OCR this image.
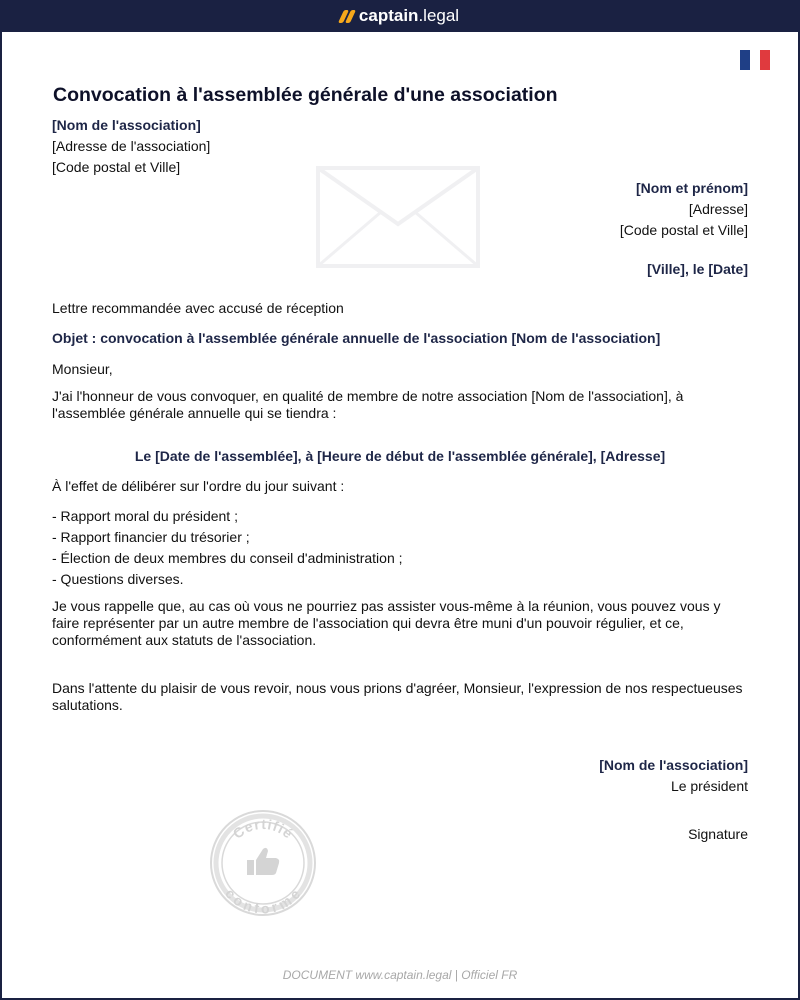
captain .legal
Convocation à l'assemblée générale d'une association
[Nom de l'association]
[Adresse de l'association]
[Code postal et Ville]
[Nom et prénom]
[Adresse]
[Code postal et Ville]
[Ville], le [Date]
Lettre recommandée avec accusé de réception
Objet : convocation à l'assemblée générale annuelle de l'association [Nom de l'association]
Monsieur,

J'ai l'honneur de vous convoquer, en qualité de membre de notre association [Nom de l'association], à l'assemblée générale annuelle qui se tiendra :

Le [Date de l'assemblée], à [Heure de début de l'assemblée générale], [Adresse]
À l'effet de délibérer sur l'ordre du jour suivant :
- Rapport moral du président ;
- Rapport financier du trésorier ;
- Élection de deux membres du conseil d'administration ;
- Questions diverses.

Je vous rappelle que, au cas où vous ne pourriez pas assister vous-même à la réunion, vous pouvez vous y faire représenter par un autre membre de l'association qui devra être muni d'un pouvoir régulier, et ce, conformément aux statuts de l'association.

Dans l'attente du plaisir de vous revoir, nous vous prions d'agréer, Monsieur, l'expression de nos respectueuses salutations.

[Nom de l'association]
Le président
Signature
Certifié
conforme
DOCUMENT www.captain.legal | Officiel FR
